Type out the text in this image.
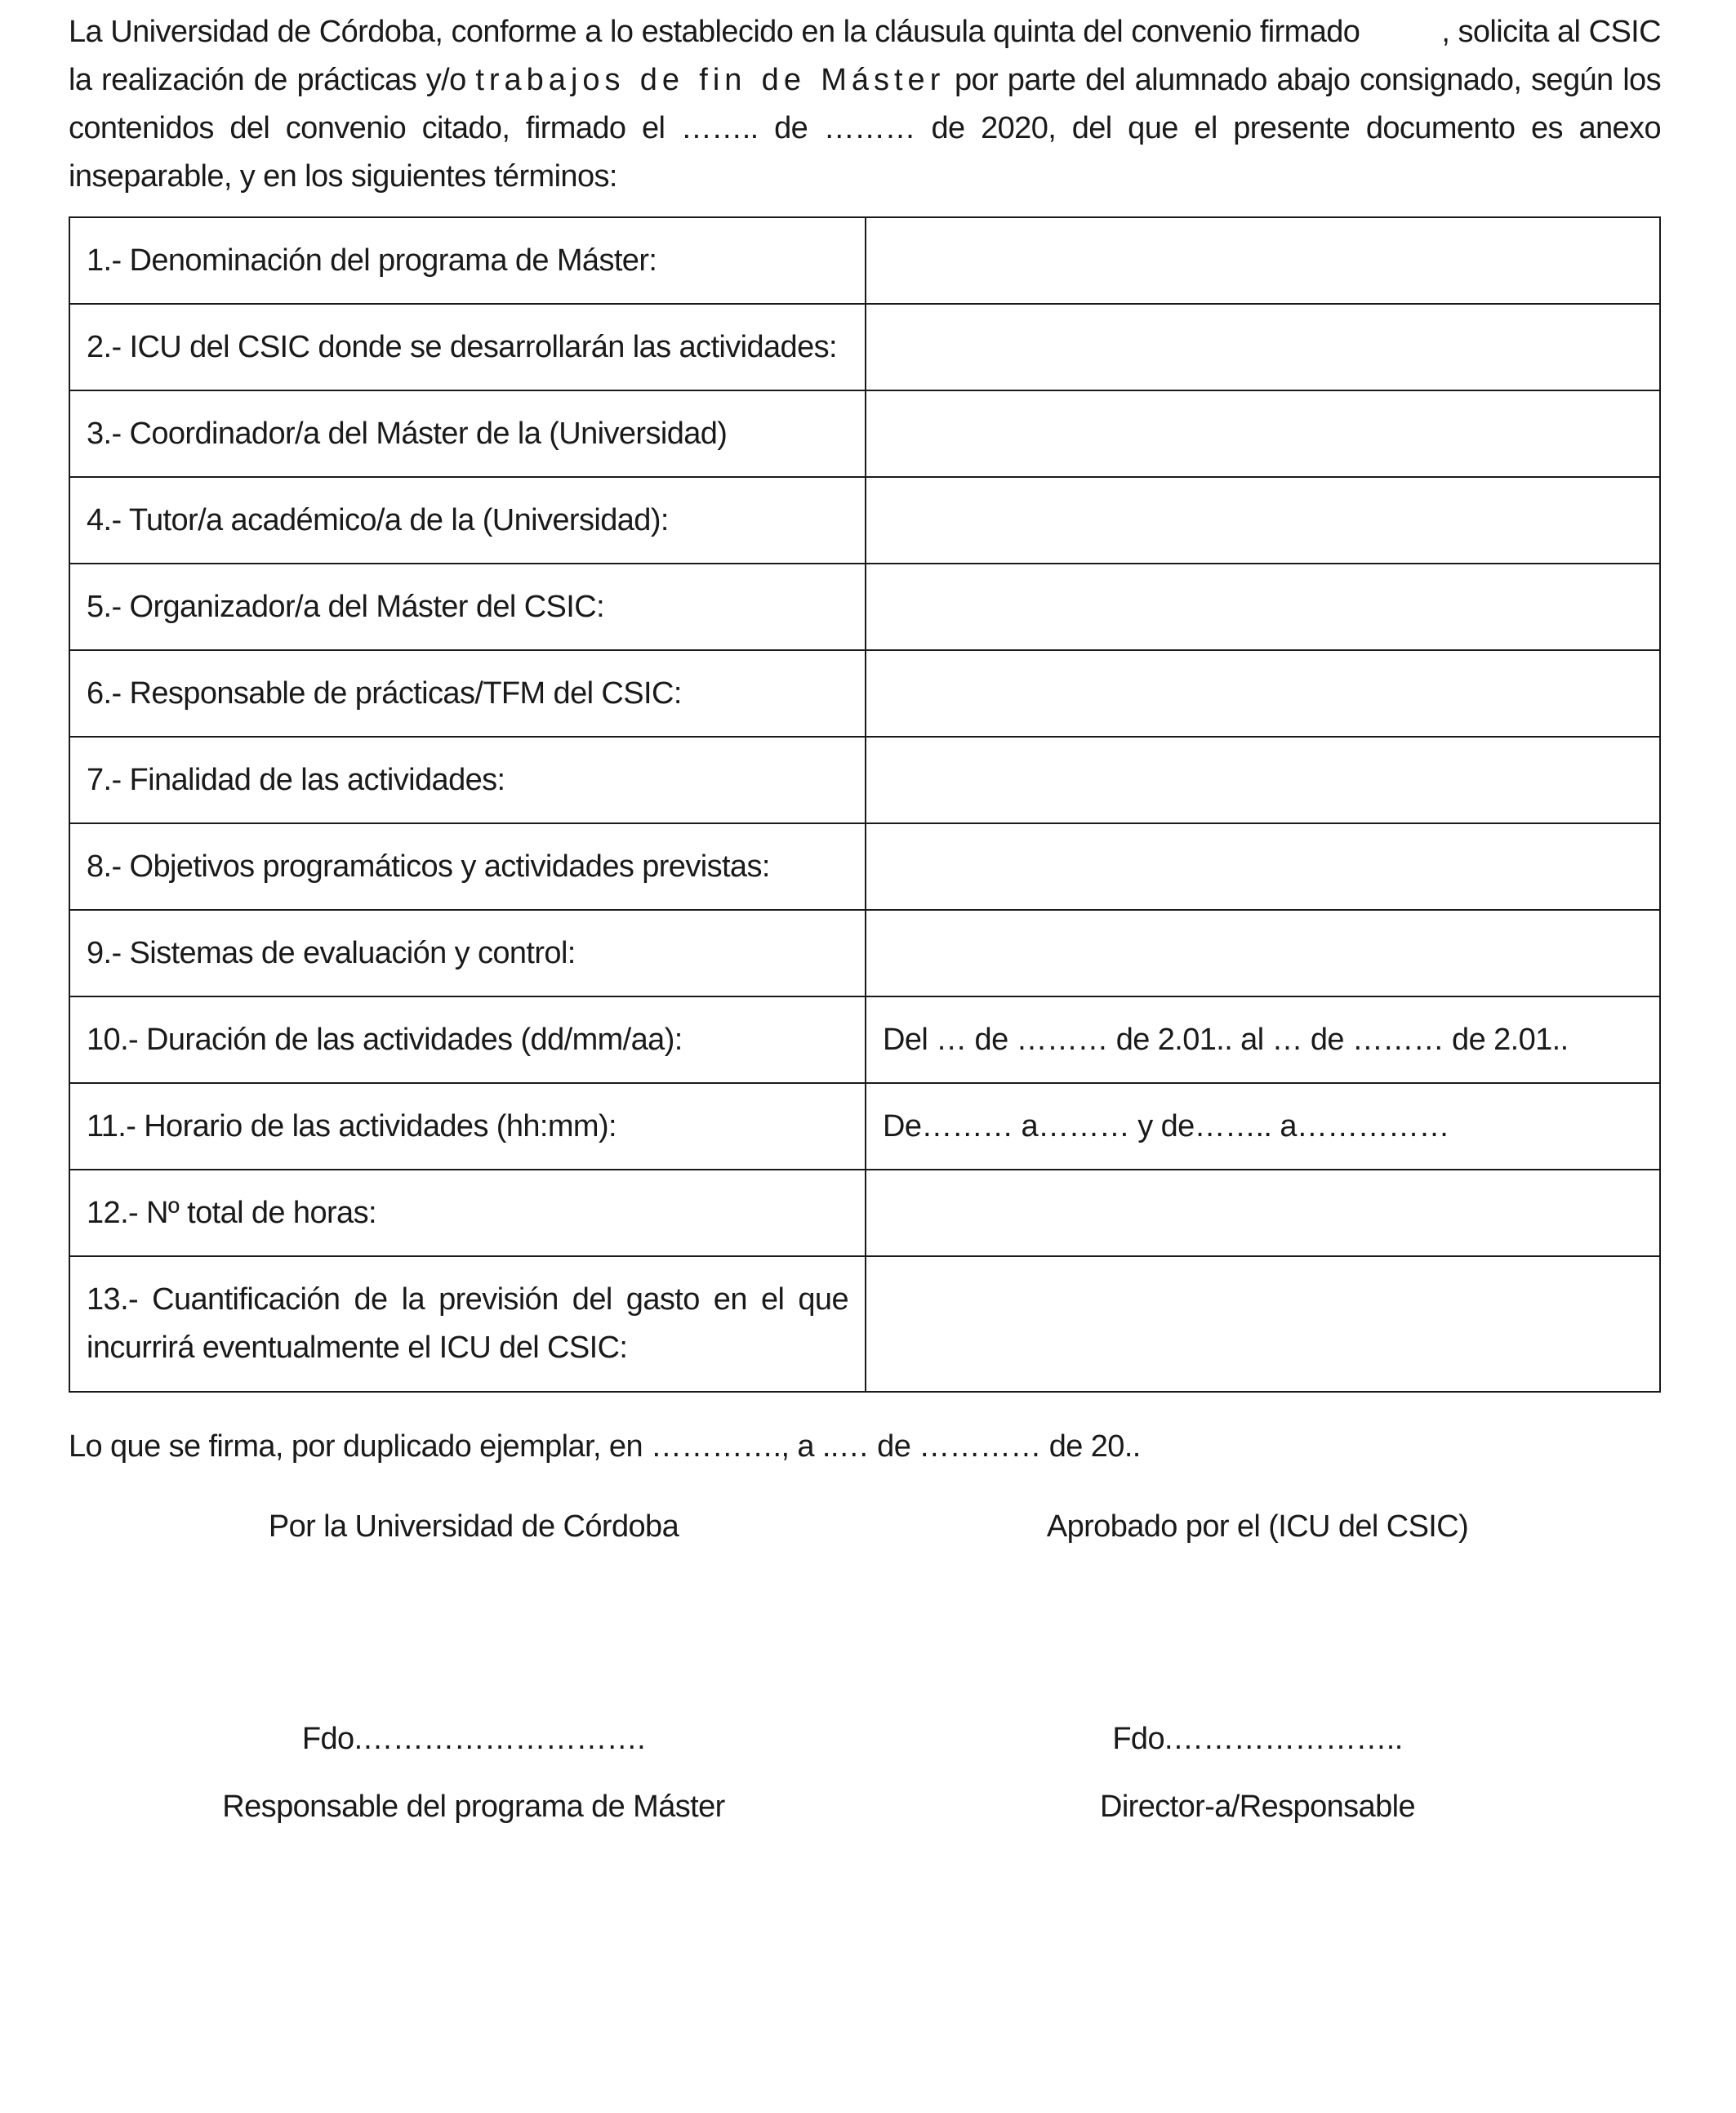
La Universidad de Córdoba, conforme a lo establecido en la cláusula quinta del convenio firmado	, solicita al CSIC la realización de prácticas y/o trabajos de fin de Máster por parte del alumnado abajo consignado, según los contenidos del convenio citado, firmado el …….. de ……… de 2020, del que el presente documento es anexo inseparable, y en los siguientes términos:
1.- Denominación del programa de Máster:	
2.- ICU del CSIC donde se desarrollarán las actividades:	
3.- Coordinador/a del Máster de la (Universidad)	
4.- Tutor/a académico/a de la (Universidad):	
5.- Organizador/a del Máster del CSIC:	
6.- Responsable de prácticas/TFM del CSIC:	
7.- Finalidad de las actividades:	
8.- Objetivos programáticos y actividades previstas:	
9.- Sistemas de evaluación y control:	
10.- Duración de las actividades (dd/mm/aa):	Del … de ……… de 2.01.. al … de ……… de 2.01..
11.- Horario de las actividades (hh:mm):	De……… a……… y de…….. a……………
12.- Nº total de horas:	
13.- Cuantificación de la previsión del gasto en el que incurrirá eventualmente el ICU del CSIC:	
Lo que se firma, por duplicado ejemplar, en …………., a ..… de ………… de 20..
Por la Universidad de Córdoba
Fdo.……………………….
Responsable del programa de Máster
Aprobado por el (ICU del CSIC)
Fdo.…………………..
Director-a/Responsable
